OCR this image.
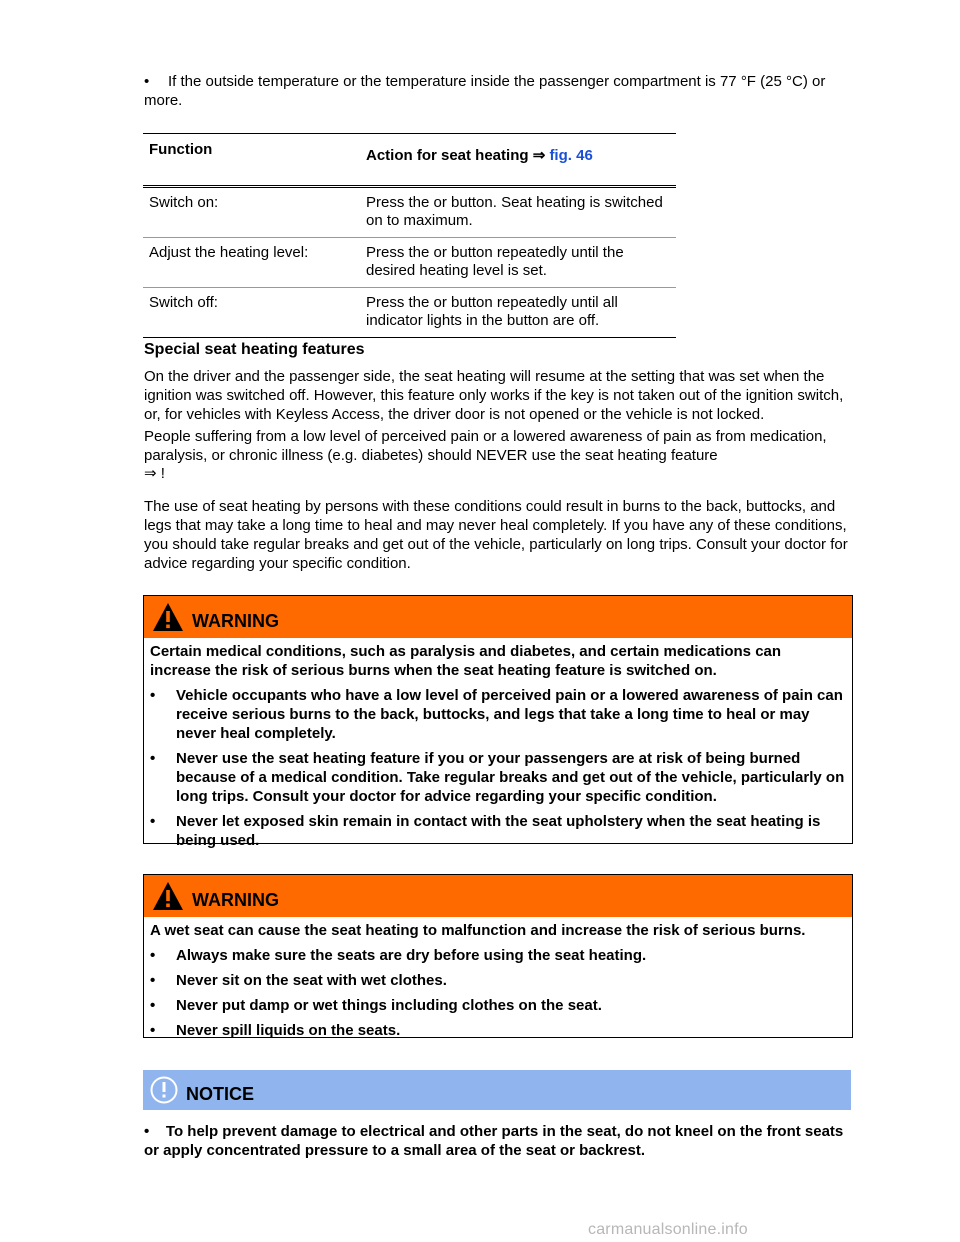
•	If the outside temperature or the temperature inside the passenger compartment is 77 °F (25 °C) or more.

Function	Action for seat heating ⇒ fig. 46
Switch on:	Press the or button. Seat heating is switched on to maximum.
Adjust the heating level:	Press the or button repeatedly until the desired heating level is set.
Switch off:	Press the or button repeatedly until all indicator lights in the button are off.
Special seat heating features

On the driver and the passenger side, the seat heating will resume at the setting that was set when the ignition was switched off. However, this feature only works if the key is not taken out of the ignition switch, or, for vehicles with Keyless Access, the driver door is not opened or the vehicle is not locked.

People suffering from a low level of perceived pain or a lowered awareness of pain as from medication, paralysis, or chronic illness (e.g. diabetes) should NEVER use the seat heating feature

⇒ !

The use of seat heating by persons with these conditions could result in burns to the back, buttocks, and legs that may take a long time to heal and may never heal completely. If you have any of these conditions, you should take regular breaks and get out of the vehicle, particularly on long trips. Consult your doctor for advice regarding your specific condition.

WARNING
Certain medical conditions, such as paralysis and diabetes, and certain medications can increase the risk of serious burns when the seat heating feature is switched on.
•	Vehicle occupants who have a low level of perceived pain or a lowered awareness of pain can receive serious burns to the back, buttocks, and legs that take a long time to heal or may never heal completely.
•	Never use the seat heating feature if you or your passengers are at risk of being burned because of a medical condition. Take regular breaks and get out of the vehicle, particularly on long trips. Consult your doctor for advice regarding your specific condition.
•	Never let exposed skin remain in contact with the seat upholstery when the seat heating is being used.
WARNING
A wet seat can cause the seat heating to malfunction and increase the risk of serious burns.
•	Always make sure the seats are dry before using the seat heating.
•	Never sit on the seat with wet clothes.
•	Never put damp or wet things including clothes on the seat.
•	Never spill liquids on the seats.
NOTICE

•    To help prevent damage to electrical and other parts in the seat, do not kneel on the front seats or apply concentrated pressure to a small area of the seat or backrest.

carmanualsonline.info
